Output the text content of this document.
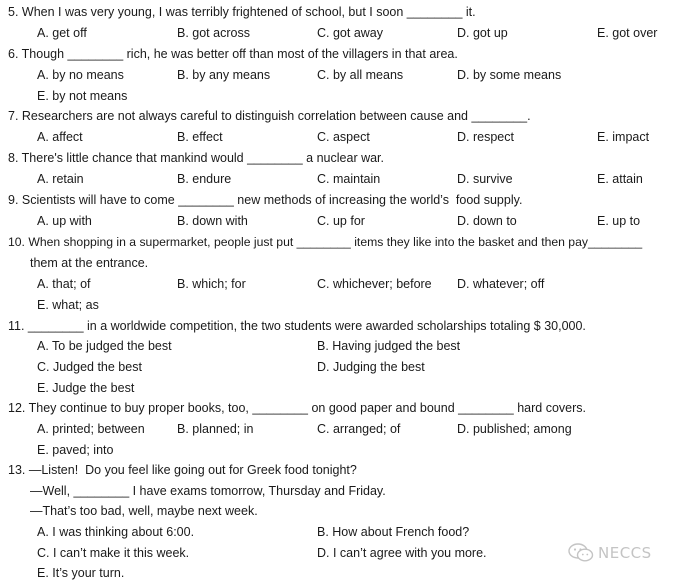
5. When I was very young, I was terribly frightened of school, but I soon ________ it.
A. get off	B. got across	C. got away	D. got up	E. got over
6. Though ________ rich, he was better off than most of the villagers in that area.
A. by no means	B. by any means	C. by all means	D. by some means
E. by not means
7. Researchers are not always careful to distinguish correlation between cause and ________.
A. affect	B. effect	C. aspect	D. respect	E. impact
8. There's little chance that mankind would ________ a nuclear war.
A. retain	B. endure	C. maintain	D. survive	E. attain
9. Scientists will have to come ________ new methods of increasing the world’s  food supply.
A. up with	B. down with	C. up for	D. down to	E. up to
10. When shopping in a supermarket, people just put ________ items they like into the basket and then pay________
them at the entrance.
A. that; of	B. which; for	C. whichever; before D. whatever; off
E. what; as
11. ________ in a worldwide competition, the two students were awarded scholarships totaling $ 30,000.
A. To be judged the best	B. Having judged the best
C. Judged the best	D. Judging the best
E. Judge the best
12. They continue to buy proper books, too, ________ on good paper and bound ________ hard covers.
A. printed; between	B. planned; in	C. arranged; of	D. published; among
E. paved; into
13. —Listen!  Do you feel like going out for Greek food tonight?
—Well, ________ I have exams tomorrow, Thursday and Friday.
—That’s too bad, well, maybe next week.
A. I was thinking about 6:00.	B. How about French food?
C. I can’t make it this week.	D. I can’t agree with you more.
E. It’s your turn.
NECCS
